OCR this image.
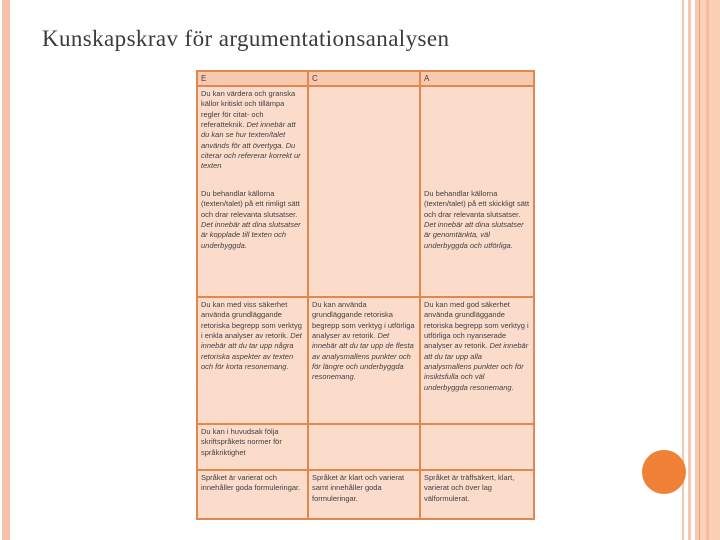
Kunskapskrav för argumentationsanalysen
E	C	A
Du kan värdera och granska källor kritiskt och tillämpa regler för citat- och referatteknik. Det innebär att du kan se hur texten/talet används för att övertyga. Du citerar och refererar korrekt ur texten		
Du behandlar källorna (texten/talet) på ett rimligt sätt och drar relevanta slutsatser. Det innebär att dina slutsatser är kopplade till texten och underbyggda.		Du behandlar källorna (texten/talet) på ett skickligt sätt och drar relevanta slutsatser. Det innebär att dina slutsatser är genomtänkta, väl underbyggda och utförliga.
Du kan med viss säkerhet använda grundläggande retoriska begrepp som verktyg i enkla analyser av retorik. Det innebär att du tar upp några retoriska aspekter av texten och för korta resonemang.	Du kan använda grundläggande retoriska begrepp som verktyg i utförliga analyser av retorik. Det innebär att du tar upp de flesta av analysmallens punkter och för längre och underbyggda resonemang.	Du kan med god säkerhet använda grundläggande retoriska begrepp som verktyg i utförliga och nyanserade analyser av retorik. Det innebär att du tar upp alla analysmallens punkter och för insiktsfulla och väl underbyggda resonemang.
Du kan i huvudsak följa skriftspråkets normer för språkriktighet		
Språket är varierat och innehåller goda formuleringar.	Språket är klart och varierat samt innehåller goda formuleringar.	Språket är träffsäkert, klart, varierat och över lag välformulerat.
